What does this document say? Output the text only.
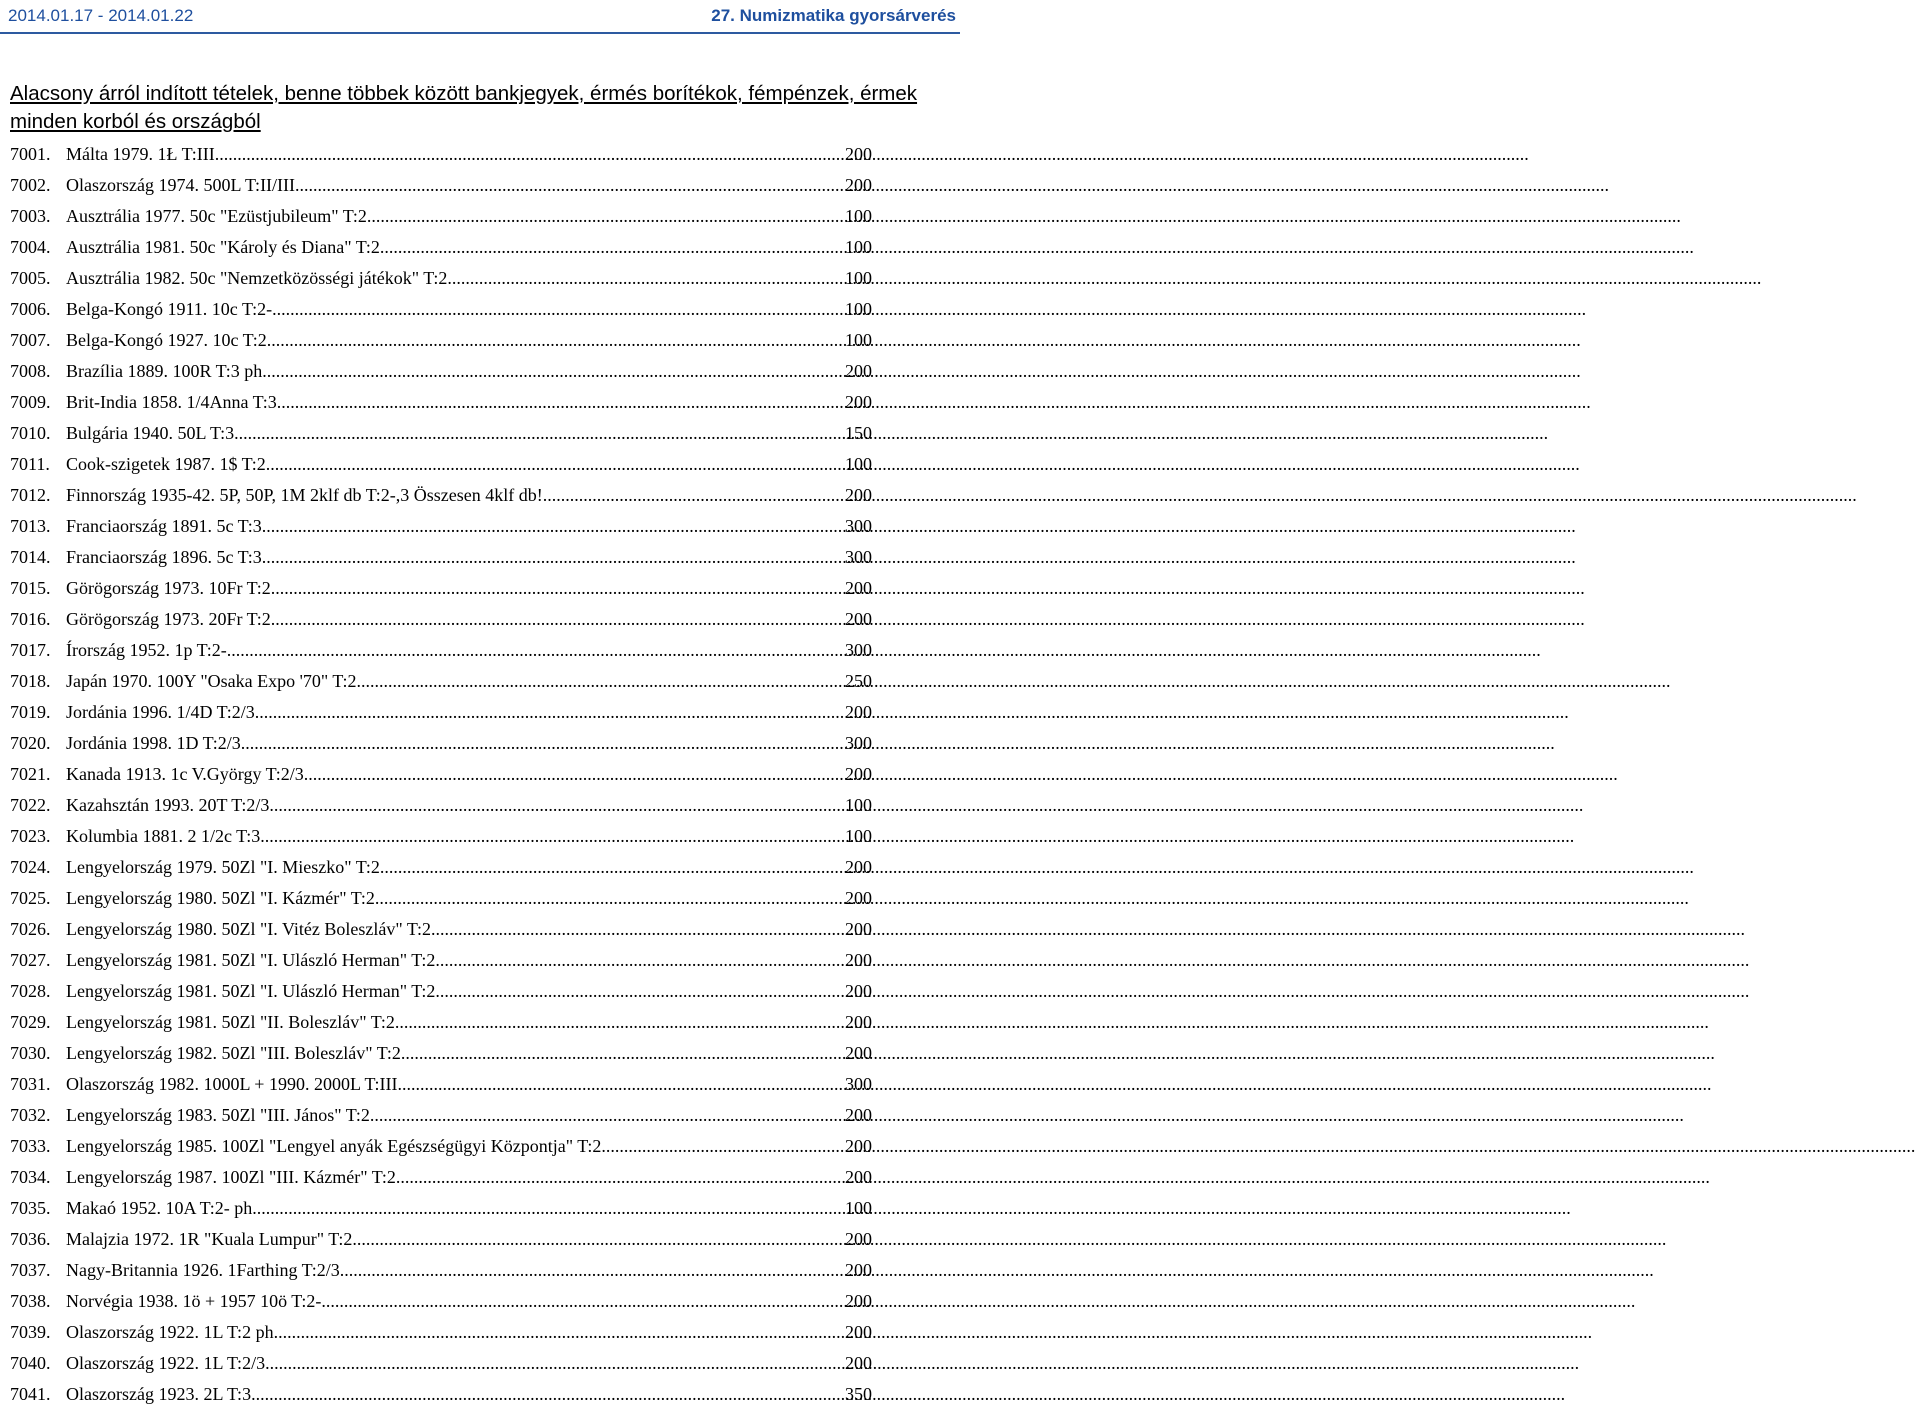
2014.01.17 - 2014.01.22	27. Numizmatika gyorsárverés
Alacsony árról indított tételek, benne többek között bankjegyek, érmés borítékok, fémpénzek, érmek minden korból és országból
7001. Málta 1979. 1Ł T:III .....	200
7002. Olaszország 1974. 500L T:II/III .....	200
7003. Ausztrália 1977. 50c "Ezüstjubileum" T:2 .....	100
7004. Ausztrália 1981. 50c "Károly és Diana" T:2 .....	100
7005. Ausztrália 1982. 50c "Nemzetközösségi játékok" T:2 .....	100
7006. Belga-Kongó 1911. 10c T:2- .....	100
7007. Belga-Kongó 1927. 10c T:2 .....	100
7008. Brazília 1889. 100R T:3 ph. .....	200
7009. Brit-India 1858. 1/4Anna T:3 .....	200
7010. Bulgária 1940. 50L T:3 .....	150
7011. Cook-szigetek 1987. 1$ T:2 .....	100
7012. Finnország 1935-42. 5P, 50P, 1M 2klf db T:2-,3 Összesen 4klf db! .....	200
7013. Franciaország 1891. 5c T:3 .....	300
7014. Franciaország 1896. 5c T:3 .....	300
7015. Görögország 1973. 10Fr T:2 .....	200
7016. Görögország 1973. 20Fr T:2 .....	200
7017. Írország 1952. 1p T:2- .....	300
7018. Japán 1970. 100Y "Osaka Expo '70" T:2 .....	250
7019. Jordánia 1996. 1/4D T:2/3 .....	200
7020. Jordánia 1998. 1D T:2/3 .....	300
7021. Kanada 1913. 1c V.György T:2/3 .....	200
7022. Kazahsztán 1993. 20T T:2/3 .....	100
7023. Kolumbia 1881. 2 1/2c T:3 .....	100
7024. Lengyelország 1979. 50Zl "I. Mieszko" T:2 .....	200
7025. Lengyelország 1980. 50Zl "I. Kázmér" T:2 .....	200
7026. Lengyelország 1980. 50Zl "I. Vitéz Boleszláv" T:2 .....	200
7027. Lengyelország 1981. 50Zl "I. Ulászló Herman" T:2 .....	200
7028. Lengyelország 1981. 50Zl "I. Ulászló Herman" T:2 .....	200
7029. Lengyelország 1981. 50Zl "II. Boleszláv" T:2 .....	200
7030. Lengyelország 1982. 50Zl "III. Boleszláv" T:2 .....	200
7031. Olaszország 1982. 1000L + 1990. 2000L T:III .....	300
7032. Lengyelország 1983. 50Zl "III. János" T:2 .....	200
7033. Lengyelország 1985. 100Zl "Lengyel anyák Egészségügyi Központja" T:2 .....	200
7034. Lengyelország 1987. 100Zl "III. Kázmér" T:2 .....	200
7035. Makaó 1952. 10A T:2- ph. .....	100
7036. Malajzia 1972. 1R "Kuala Lumpur" T:2 .....	200
7037. Nagy-Britannia 1926. 1Farthing T:2/3 .....	200
7038. Norvégia 1938. 1ö + 1957 10ö T:2- .....	200
7039. Olaszország 1922. 1L T:2 ph. .....	200
7040. Olaszország 1922. 1L T:2/3 .....	200
7041. Olaszország 1923. 2L T:3 .....	350
